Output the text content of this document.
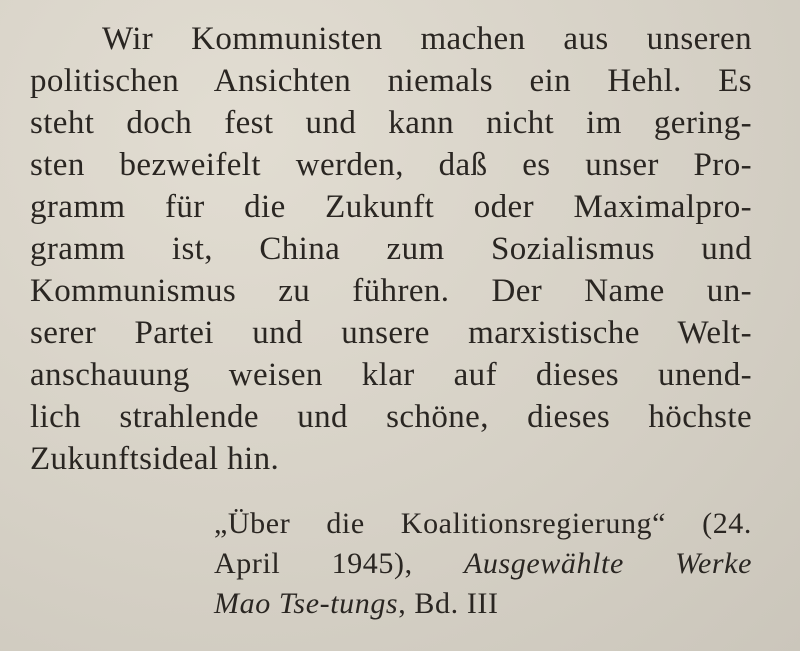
Wir Kommunisten machen aus unseren
politischen Ansichten niemals ein Hehl. Es
steht doch fest und kann nicht im gering-
sten bezweifelt werden, daß es unser Pro-
gramm für die Zukunft oder Maximalpro-
gramm ist, China zum Sozialismus und
Kommunismus zu führen. Der Name un-
serer Partei und unsere marxistische Welt-
anschauung weisen klar auf dieses unend-
lich strahlende und schöne, dieses höchste
Zukunftsideal hin.
„Über die Koalitionsregierung“ (24.
April 1945), Ausgewählte Werke
Mao Tse-tungs, Bd. III
